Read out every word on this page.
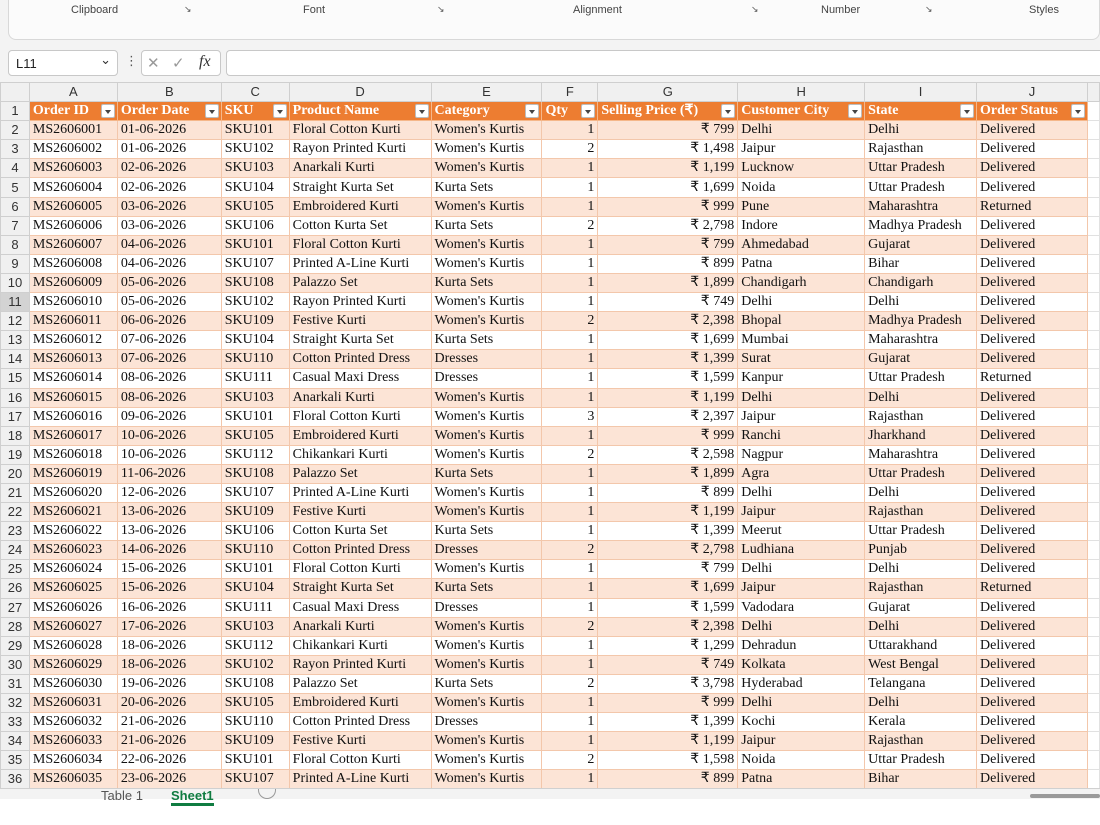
Clipboard	↘	Font	↘	Alignment	↘	Number	↘	Styles
L11	⌄ ⋮ ✕ ✓ fx
	A	B	C	D	E	F	G	H	I	J	
1	Order ID	Order Date	SKU	Product Name	Category	Qty	Selling Price (₹)	Customer City	State	Order Status

2	MS2606001	01-06-2026	SKU101	Floral Cotton Kurti	Women's Kurtis	1	₹ 799	Delhi	Delhi	Delivered	
3	MS2606002	01-06-2026	SKU102	Rayon Printed Kurti	Women's Kurtis	2	₹ 1,498	Jaipur	Rajasthan	Delivered	
4	MS2606003	02-06-2026	SKU103	Anarkali Kurti	Women's Kurtis	1	₹ 1,199	Lucknow	Uttar Pradesh	Delivered	
5	MS2606004	02-06-2026	SKU104	Straight Kurta Set	Kurta Sets	1	₹ 1,699	Noida	Uttar Pradesh	Delivered	
6	MS2606005	03-06-2026	SKU105	Embroidered Kurti	Women's Kurtis	1	₹ 999	Pune	Maharashtra	Returned	
7	MS2606006	03-06-2026	SKU106	Cotton Kurta Set	Kurta Sets	2	₹ 2,798	Indore	Madhya Pradesh	Delivered	
8	MS2606007	04-06-2026	SKU101	Floral Cotton Kurti	Women's Kurtis	1	₹ 799	Ahmedabad	Gujarat	Delivered	
9	MS2606008	04-06-2026	SKU107	Printed A-Line Kurti	Women's Kurtis	1	₹ 899	Patna	Bihar	Delivered	
10	MS2606009	05-06-2026	SKU108	Palazzo Set	Kurta Sets	1	₹ 1,899	Chandigarh	Chandigarh	Delivered	
11	MS2606010	05-06-2026	SKU102	Rayon Printed Kurti	Women's Kurtis	1	₹ 749	Delhi	Delhi	Delivered	
12	MS2606011	06-06-2026	SKU109	Festive Kurti	Women's Kurtis	2	₹ 2,398	Bhopal	Madhya Pradesh	Delivered	
13	MS2606012	07-06-2026	SKU104	Straight Kurta Set	Kurta Sets	1	₹ 1,699	Mumbai	Maharashtra	Delivered	
14	MS2606013	07-06-2026	SKU110	Cotton Printed Dress	Dresses	1	₹ 1,399	Surat	Gujarat	Delivered	
15	MS2606014	08-06-2026	SKU111	Casual Maxi Dress	Dresses	1	₹ 1,599	Kanpur	Uttar Pradesh	Returned	
16	MS2606015	08-06-2026	SKU103	Anarkali Kurti	Women's Kurtis	1	₹ 1,199	Delhi	Delhi	Delivered	
17	MS2606016	09-06-2026	SKU101	Floral Cotton Kurti	Women's Kurtis	3	₹ 2,397	Jaipur	Rajasthan	Delivered	
18	MS2606017	10-06-2026	SKU105	Embroidered Kurti	Women's Kurtis	1	₹ 999	Ranchi	Jharkhand	Delivered	
19	MS2606018	10-06-2026	SKU112	Chikankari Kurti	Women's Kurtis	2	₹ 2,598	Nagpur	Maharashtra	Delivered	
20	MS2606019	11-06-2026	SKU108	Palazzo Set	Kurta Sets	1	₹ 1,899	Agra	Uttar Pradesh	Delivered	
21	MS2606020	12-06-2026	SKU107	Printed A-Line Kurti	Women's Kurtis	1	₹ 899	Delhi	Delhi	Delivered	
22	MS2606021	13-06-2026	SKU109	Festive Kurti	Women's Kurtis	1	₹ 1,199	Jaipur	Rajasthan	Delivered	
23	MS2606022	13-06-2026	SKU106	Cotton Kurta Set	Kurta Sets	1	₹ 1,399	Meerut	Uttar Pradesh	Delivered	
24	MS2606023	14-06-2026	SKU110	Cotton Printed Dress	Dresses	2	₹ 2,798	Ludhiana	Punjab	Delivered	
25	MS2606024	15-06-2026	SKU101	Floral Cotton Kurti	Women's Kurtis	1	₹ 799	Delhi	Delhi	Delivered	
26	MS2606025	15-06-2026	SKU104	Straight Kurta Set	Kurta Sets	1	₹ 1,699	Jaipur	Rajasthan	Returned	
27	MS2606026	16-06-2026	SKU111	Casual Maxi Dress	Dresses	1	₹ 1,599	Vadodara	Gujarat	Delivered	
28	MS2606027	17-06-2026	SKU103	Anarkali Kurti	Women's Kurtis	2	₹ 2,398	Delhi	Delhi	Delivered	
29	MS2606028	18-06-2026	SKU112	Chikankari Kurti	Women's Kurtis	1	₹ 1,299	Dehradun	Uttarakhand	Delivered	
30	MS2606029	18-06-2026	SKU102	Rayon Printed Kurti	Women's Kurtis	1	₹ 749	Kolkata	West Bengal	Delivered	
31	MS2606030	19-06-2026	SKU108	Palazzo Set	Kurta Sets	2	₹ 3,798	Hyderabad	Telangana	Delivered	
32	MS2606031	20-06-2026	SKU105	Embroidered Kurti	Women's Kurtis	1	₹ 999	Delhi	Delhi	Delivered	
33	MS2606032	21-06-2026	SKU110	Cotton Printed Dress	Dresses	1	₹ 1,399	Kochi	Kerala	Delivered	
34	MS2606033	21-06-2026	SKU109	Festive Kurti	Women's Kurtis	1	₹ 1,199	Jaipur	Rajasthan	Delivered	
35	MS2606034	22-06-2026	SKU101	Floral Cotton Kurti	Women's Kurtis	2	₹ 1,598	Noida	Uttar Pradesh	Delivered	
36	MS2606035	23-06-2026	SKU107	Printed A-Line Kurti	Women's Kurtis	1	₹ 899	Patna	Bihar	Delivered	
Table 1 Sheet1
